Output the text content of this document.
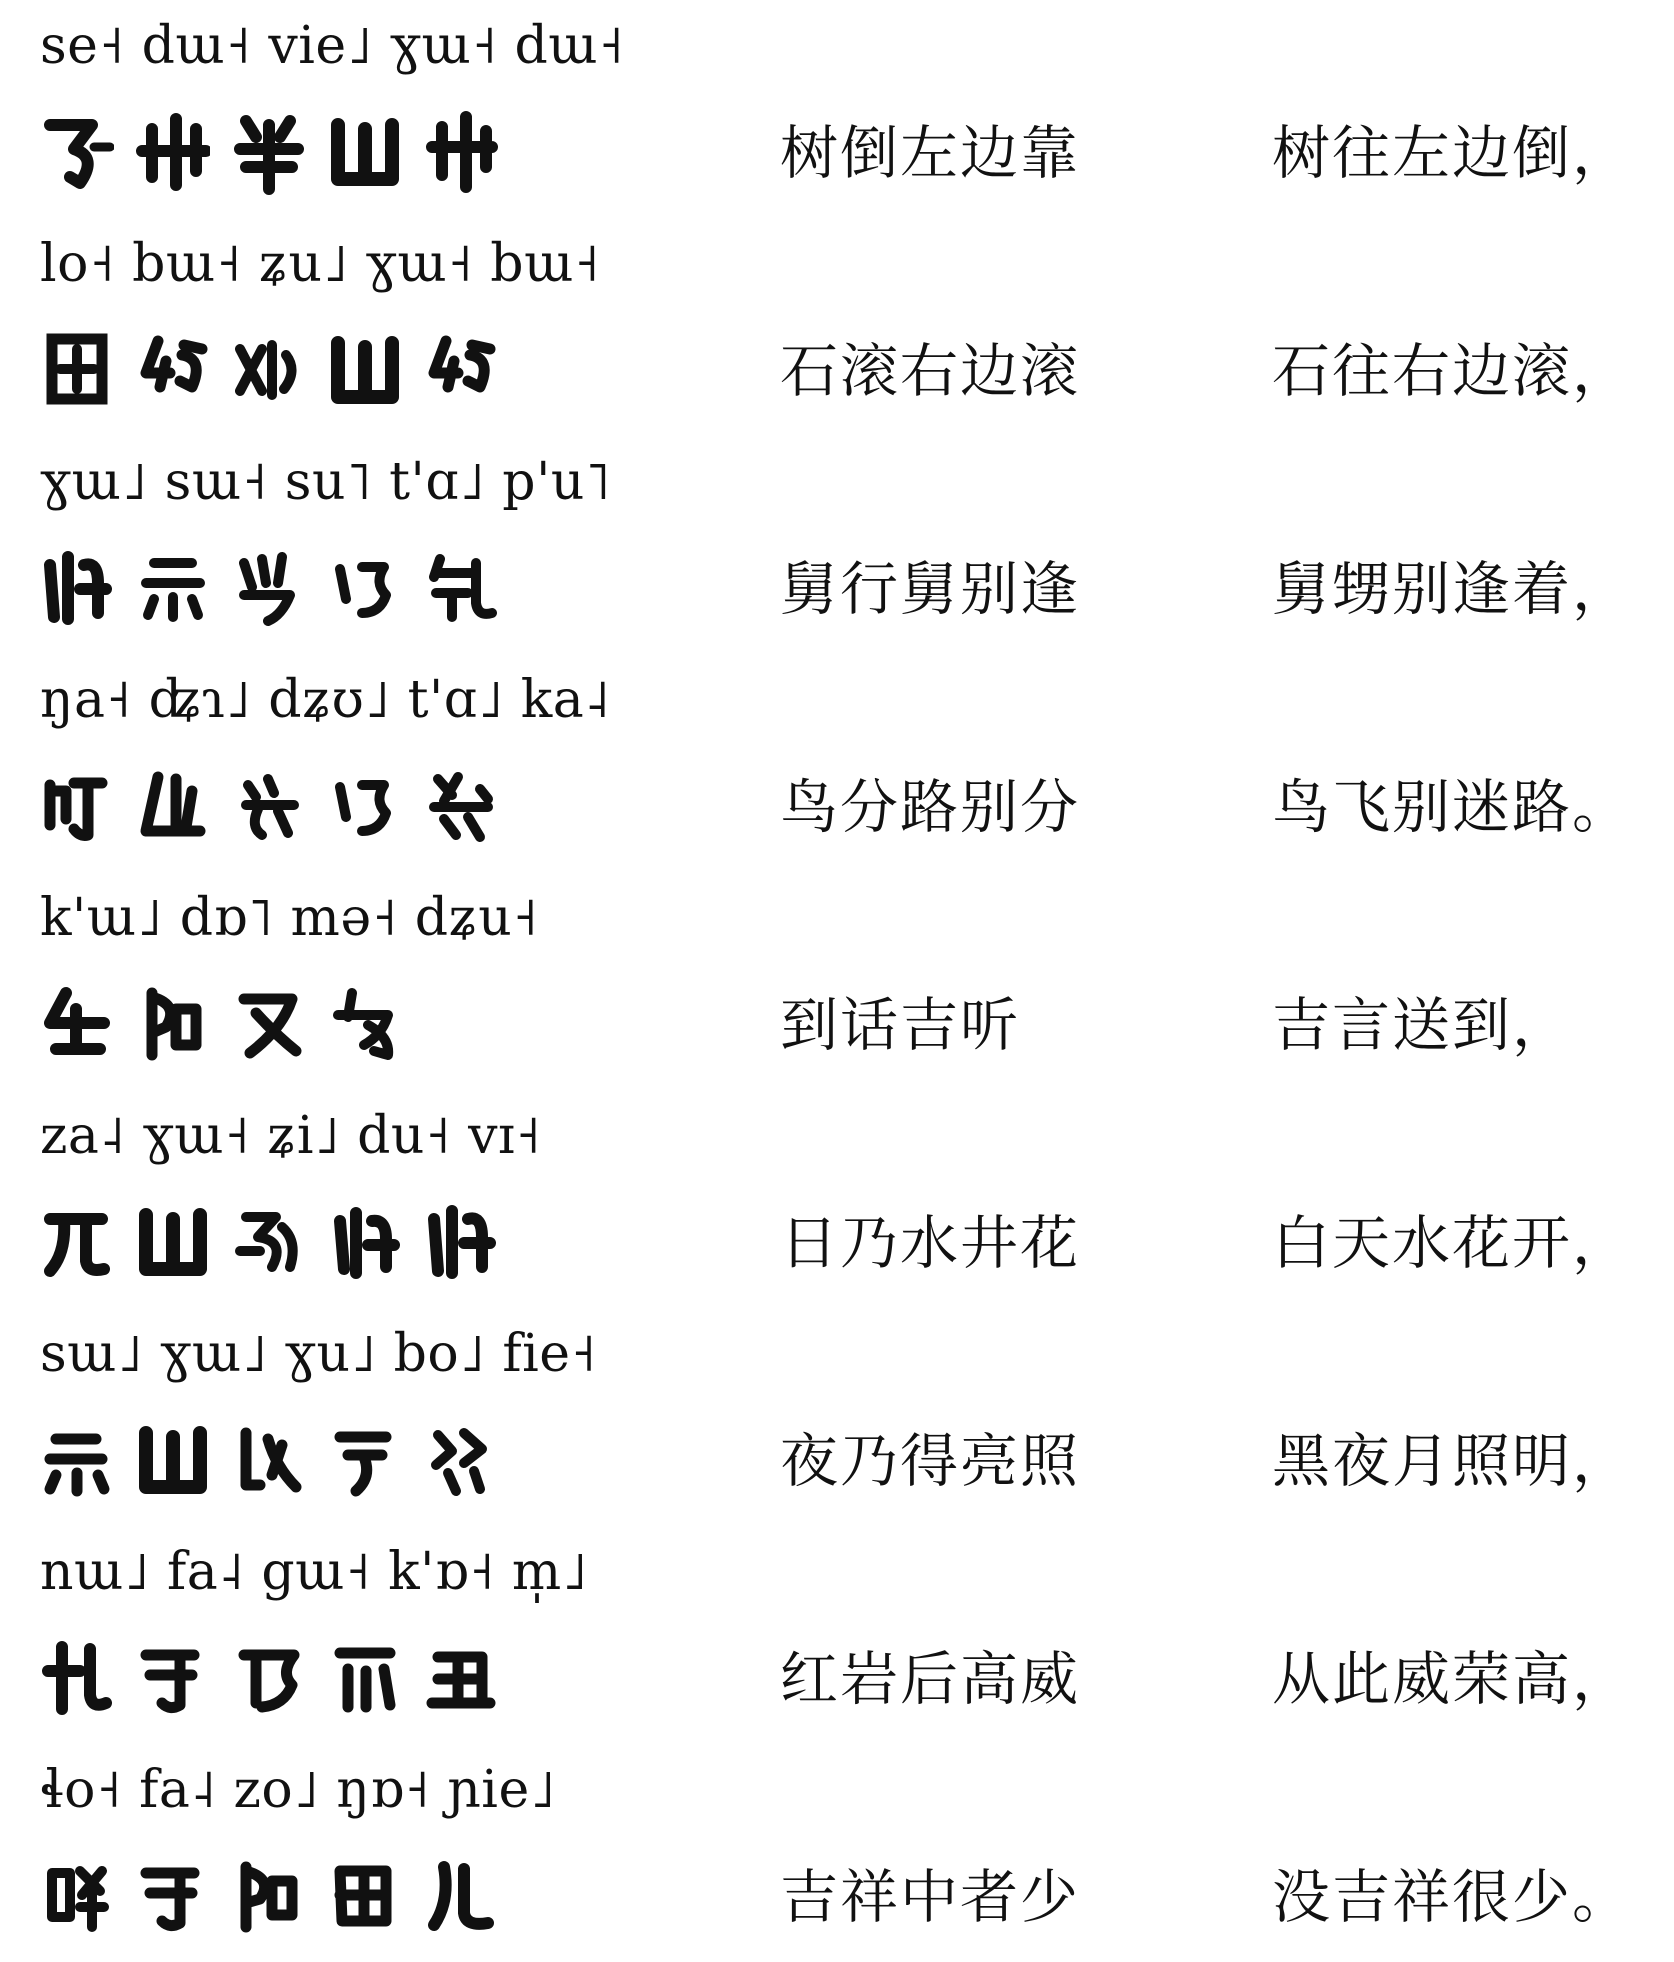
se˧ dɯ˧ vie˩ ɣɯ˧ dɯ˧
树倒左边靠	树往左边倒，
lo˧ bɯ˧ ʑu˩ ɣɯ˧ bɯ˧
石滚右边滚	石往右边滚，
ɣɯ˩ sɯ˧ su˥ t'ɑ˩ p'u˥
舅行舅别逢	舅甥别逢着，
ŋa˧ ʥɿ˩ dʑʊ˩ t'ɑ˩ ka˨
鸟分路别分	鸟飞别迷路。
k'ɯ˩ dɒ˥ mə˧ dʑu˧
到话吉听	吉言送到，
za˨ ɣɯ˧ ʑi˩ du˧ vɪ˧
日乃水井花	白天水花开，
sɯ˩ ɣɯ˩ ɣu˩ bo˩ fie˧
夜乃得亮照	黑夜月照明，
nɯ˩ fa˨ gɯ˧ k'ɒ˧ m̩˩
红岩后高威	从此威荣高，
ɬo˧ fa˨ zo˩ ŋɒ˧ ɲie˩
吉祥中者少	没吉祥很少。
